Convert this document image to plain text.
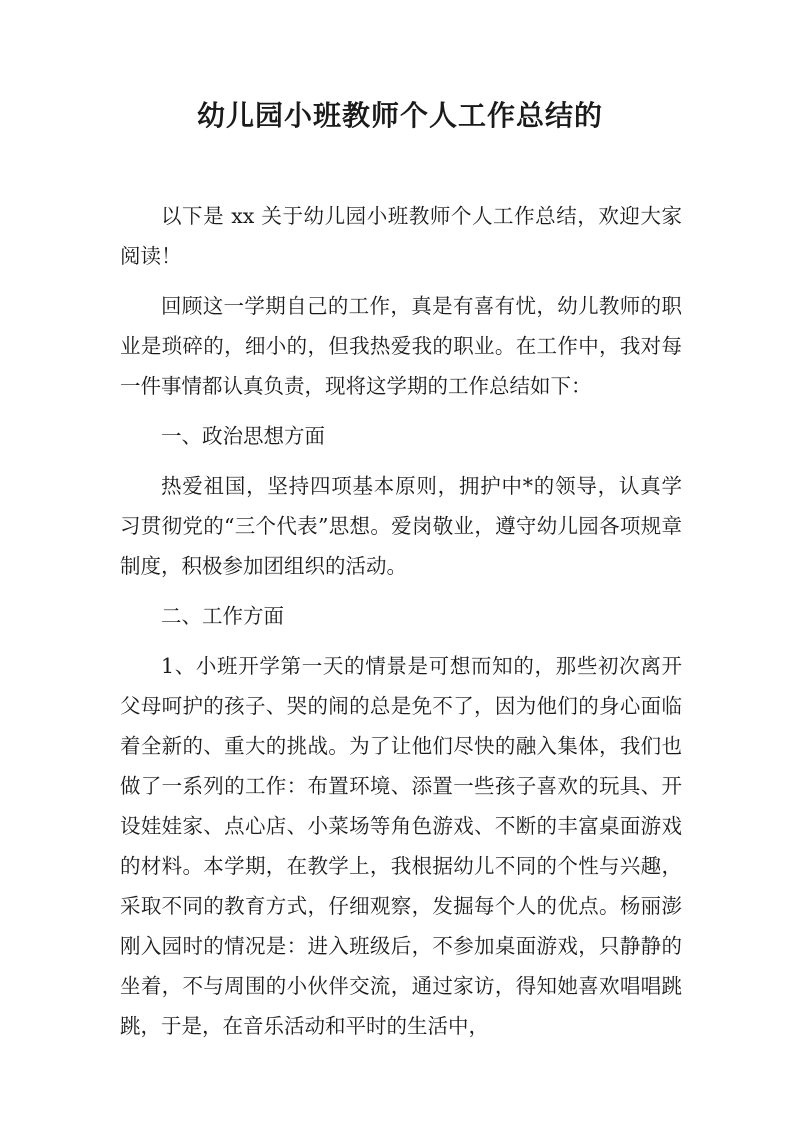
幼儿园小班教师个人工作总结的

以下是 xx 关于幼儿园小班教师个人工作总结，欢迎大家阅读！

回顾这一学期自己的工作，真是有喜有忧，幼儿教师的职业是琐碎的，细小的，但我热爱我的职业。在工作中，我对每一件事情都认真负责，现将这学期的工作总结如下：

一、政治思想方面

热爱祖国，坚持四项基本原则，拥护中*的领导，认真学习贯彻党的“三个代表”思想。爱岗敬业，遵守幼儿园各项规章制度，积极参加团组织的活动。

二、工作方面

1、小班开学第一天的情景是可想而知的，那些初次离开父母呵护的孩子、哭的闹的总是免不了，因为他们的身心面临着全新的、重大的挑战。为了让他们尽快的融入集体，我们也做了一系列的工作：布置环境、添置一些孩子喜欢的玩具、开设娃娃家、点心店、小菜场等角色游戏、不断的丰富桌面游戏的材料。本学期，在教学上，我根据幼儿不同的个性与兴趣，采取不同的教育方式，仔细观察，发掘每个人的优点。杨丽澎刚入园时的情况是：进入班级后，不参加桌面游戏，只静静的坐着，不与周围的小伙伴交流，通过家访，得知她喜欢唱唱跳跳，于是，在音乐活动和平时的生活中，
